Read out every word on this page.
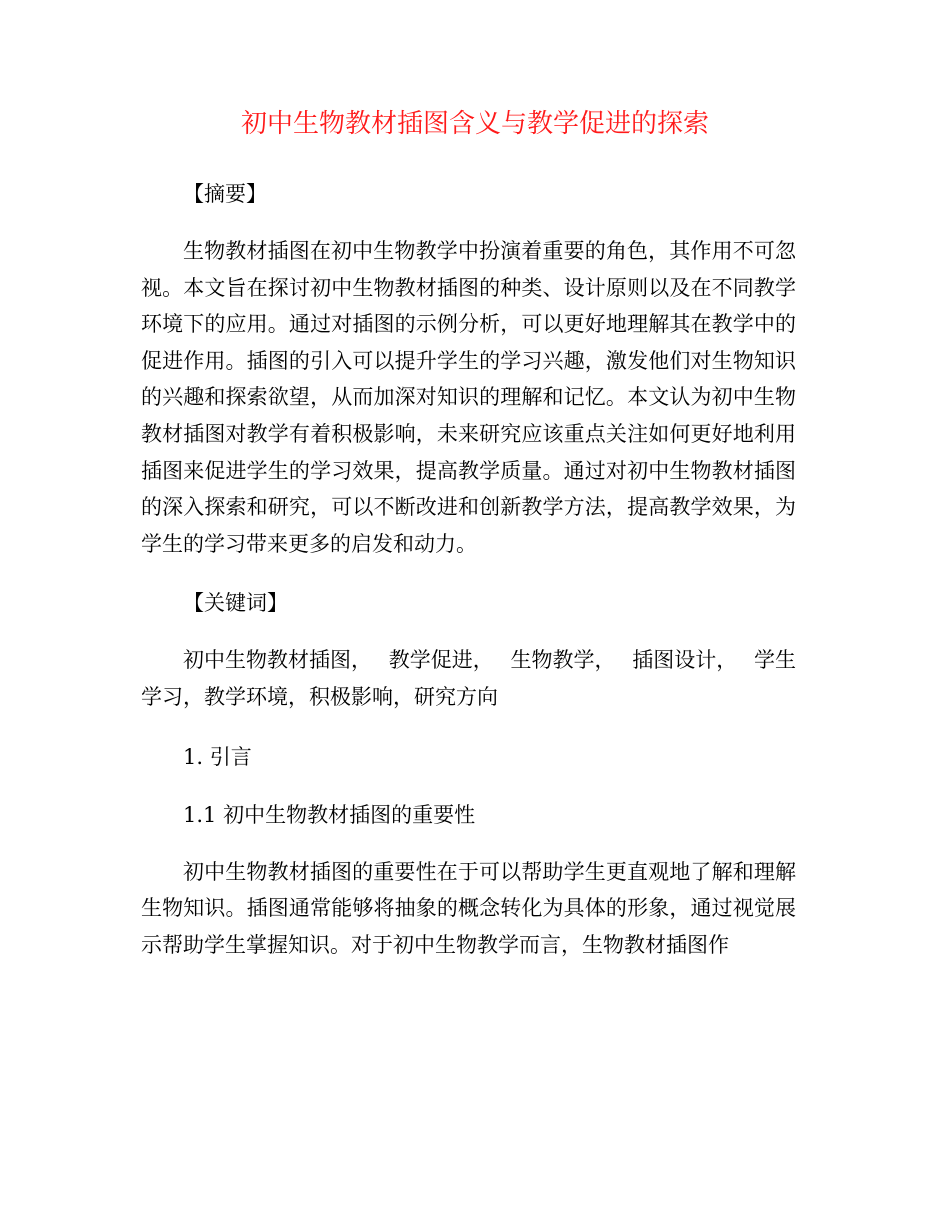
初中生物教材插图含义与教学促进的探索

【摘要】

生物教材插图在初中生物教学中扮演着重要的角色，其作用不可忽视。本文旨在探讨初中生物教材插图的种类、设计原则以及在不同教学环境下的应用。通过对插图的示例分析，可以更好地理解其在教学中的促进作用。插图的引入可以提升学生的学习兴趣，激发他们对生物知识的兴趣和探索欲望，从而加深对知识的理解和记忆。本文认为初中生物教材插图对教学有着积极影响，未来研究应该重点关注如何更好地利用插图来促进学生的学习效果，提高教学质量。通过对初中生物教材插图的深入探索和研究，可以不断改进和创新教学方法，提高教学效果，为学生的学习带来更多的启发和动力。

【关键词】

初中生物教材插图， 教学促进， 生物教学， 插图设计， 学生

学习，教学环境，积极影响，研究方向

1. 引言

1.1 初中生物教材插图的重要性

初中生物教材插图的重要性在于可以帮助学生更直观地了解和理解生物知识。插图通常能够将抽象的概念转化为具体的形象，通过视觉展示帮助学生掌握知识。对于初中生物教学而言，生物教材插图作
